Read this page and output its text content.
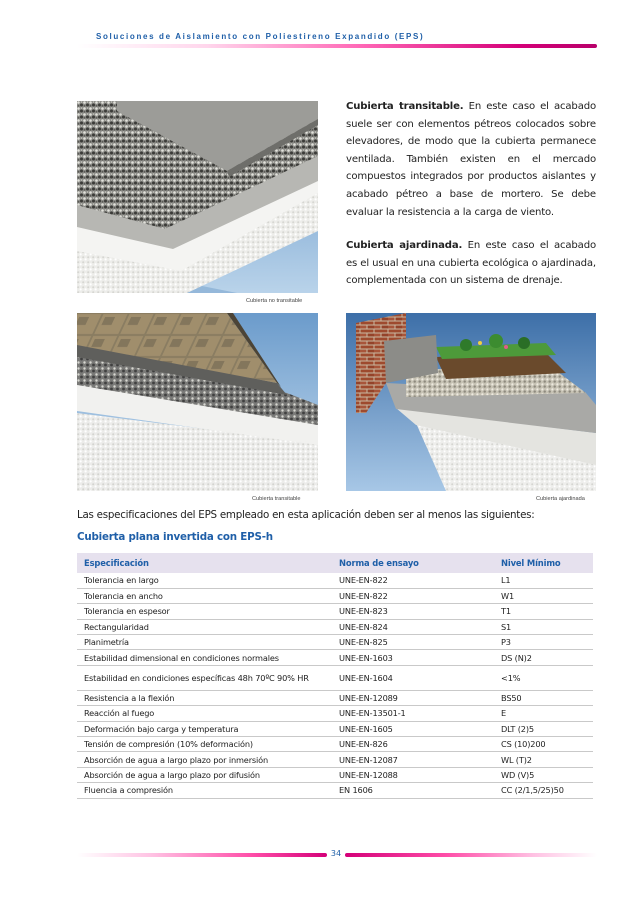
Soluciones de Aislamiento con Poliestireno Expandido (EPS)
Cubierta no transitable

Cubierta transitable. En este caso el acabado suele ser con elementos pétreos colocados sobre elevadores, de modo que la cubierta permanece ventilada. También existen en el mercado compuestos integrados por productos aislantes y acabado pétreo a base de mortero. Se debe evaluar la resistencia a la carga de viento.

Cubierta ajardinada. En este caso el acabado es el usual en una cubierta ecológica o ajardinada, complementada con un sistema de drenaje.

Cubierta transitable	Cubierta ajardinada
Las especificaciones del EPS empleado en esta aplicación deben ser al menos las siguientes:
Cubierta plana invertida con EPS-h
Especificación	Norma de ensayo	Nivel Mínimo
Tolerancia en largo	UNE-EN-822	L1
Tolerancia en ancho	UNE-EN-822	W1
Tolerancia en espesor	UNE-EN-823	T1
Rectangularidad	UNE-EN-824	S1
Planimetría	UNE-EN-825	P3
Estabilidad dimensional en condiciones normales	UNE-EN-1603	DS (N)2
Estabilidad en condiciones específicas 48h 70ºC 90% HR	UNE-EN-1604	<1%
Resistencia a la flexión	UNE-EN-12089	BS50
Reacción al fuego	UNE-EN-13501-1	E
Deformación bajo carga y temperatura	UNE-EN-1605	DLT (2)5
Tensión de compresión (10% deformación)	UNE-EN-826	CS (10)200
Absorción de agua a largo plazo por inmersión	UNE-EN-12087	WL (T)2
Absorción de agua a largo plazo por difusión	UNE-EN-12088	WD (V)5
Fluencia a compresión	EN 1606	CC (2/1,5/25)50
34
